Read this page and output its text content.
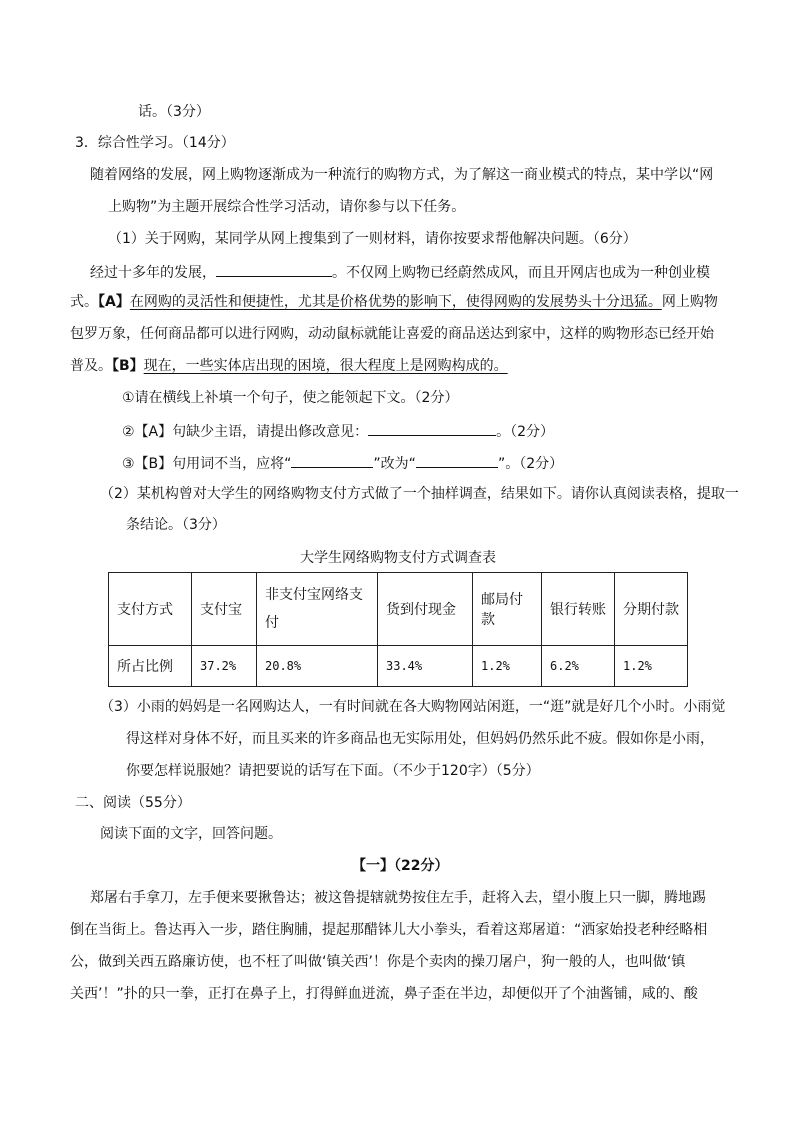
话。（3分）
3．综合性学习。（14分）
随着网络的发展，网上购物逐渐成为一种流行的购物方式，为了解这一商业模式的特点，某中学以“网
上购物”为主题开展综合性学习活动，请你参与以下任务。
（1）关于网购，某同学从网上搜集到了一则材料，请你按要求帮他解决问题。（6分）
经过十多年的发展，	。不仅网上购物已经蔚然成风，而且开网店也成为一种创业模
式。【A】在网购的灵活性和便捷性，尤其是价格优势的影响下，使得网购的发展势头十分迅猛。网上购物
包罗万象，任何商品都可以进行网购，动动鼠标就能让喜爱的商品送达到家中，这样的购物形态已经开始
普及。【B】现在，一些实体店出现的困境，很大程度上是网购构成的。
①请在横线上补填一个句子，使之能领起下文。（2分）
②【A】句缺少主语，请提出修改意见：	。（2分）
③【B】句用词不当，应将“	”改为“	”。（2分）
（2）某机构曾对大学生的网络购物支付方式做了一个抽样调查，结果如下。请你认真阅读表格，提取一
条结论。（3分）
大学生网络购物支付方式调查表
支付方式	支付宝	非支付宝网络支付	货到付现金	邮局付款	银行转账	分期付款
所占比例	37.2%	20.8%	33.4%	1.2%	6.2%	1.2%
（3）小雨的妈妈是一名网购达人，一有时间就在各大购物网站闲逛，一“逛”就是好几个小时。小雨觉
得这样对身体不好，而且买来的许多商品也无实际用处，但妈妈仍然乐此不疲。假如你是小雨，
你要怎样说服她？请把要说的话写在下面。（不少于120字）（5分）
二、阅读（55分）
阅读下面的文字，回答问题。
【一】（22分）
郑屠右手拿刀，左手便来要揪鲁达；被这鲁提辖就势按住左手，赶将入去，望小腹上只一脚，腾地踢
倒在当街上。鲁达再入一步，踏住胸脯，提起那醋钵儿大小拳头，看着这郑屠道：“洒家始投老种经略相
公，做到关西五路廉访使，也不枉了叫做‘镇关西’！你是个卖肉的操刀屠户，狗一般的人，也叫做‘镇
关西’！”扑的只一拳，正打在鼻子上，打得鲜血迸流，鼻子歪在半边，却便似开了个油酱铺，咸的、酸
